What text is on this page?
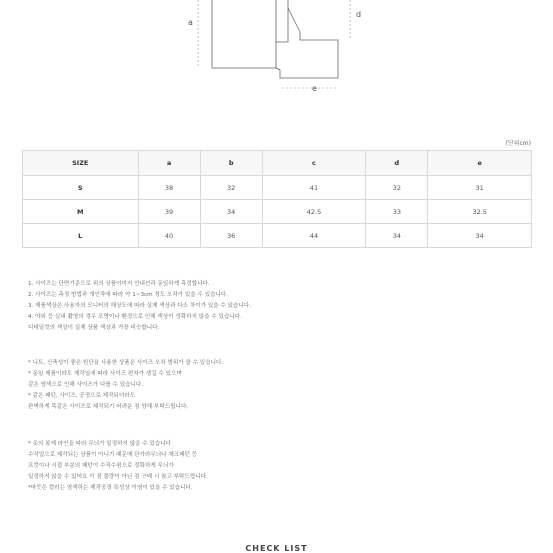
a
d
e
(단위cm)
SIZE	a	b	c	d	e
S	38	32	41	32	31
M	39	34	42.5	33	32.5
L	40	36	44	34	34

1. 사이즈는 단면기준으로 위의 상품이미지 안내선과 동일하게 측정합니다.

2. 사이즈는 측정 방법과 개인차에 따라 약 1~3cm 정도 오차가 있을 수 있습니다.

3. 제품색상은 사용자의 모니터의 해상도에 따라 실제 색상과 다소 차이가 있을 수 있습니다.

4. 야외 등 실내 촬영의 경우 조명이나 환경으로 인해 색상이 정확하지 않을 수 있습니다.

디테일컷의 색상이 실제 상품 색상과 가장 비슷합니다.

* 니트, 신축성이 좋은 원단을 사용한 상품은 사이즈 오차 범위가 클 수 있습니다.

* 동일 제품이라도 제작일에 따라 사이즈 편차가 생길 수 있으며

같은 염색으로 인해 사이즈가 다를 수 있습니다.

* 같은 패턴, 사이즈, 공정으로 제작되더라도

완벽하게 똑같은 사이즈로 제작되기 어려운 점 양해 부탁드립니다.

* 옷의 봉제 라인을 따라 무늬가 일정하지 않을 수 있습니다

수작업으로 제작되는 상품이 아니기 때문에 단가라무늬나 체크패턴 등

프컷이나 시접 부분의 패턴이 수직수평으로 정확하게 무늬가

일정하지 않을 수 있어요 이 점 불량이 아닌 점 구매 시 참고 부탁드립니다.

*마듯은 컬러는 염색하는 제작공정 특성상 이염이 있을 수 있습니다.

CHECK LIST
